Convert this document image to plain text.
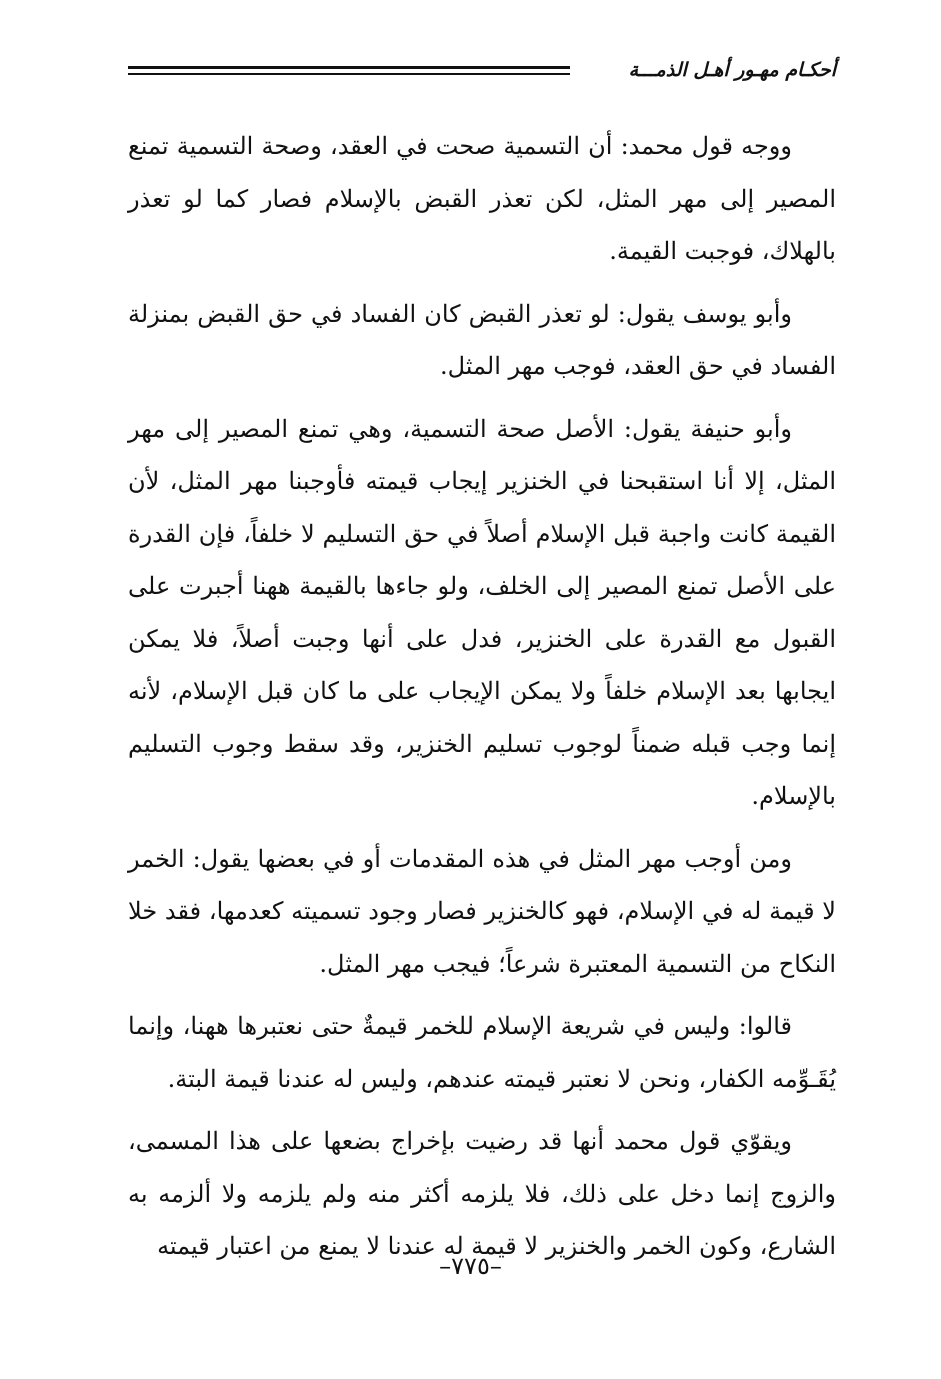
أحكـام مهـور أهـل الذمـــة

ووجه قول محمد: أن التسمية صحت في العقد، وصحة التسمية تمنع المصير إلى مهر المثل، لكن تعذر القبض بالإسلام فصار كما لو تعذر بالهلاك، فوجبت القيمة.

وأبو يوسف يقول: لو تعذر القبض كان الفساد في حق القبض بمنزلة الفساد في حق العقد، فوجب مهر المثل.

وأبو حنيفة يقول: الأصل صحة التسمية، وهي تمنع المصير إلى مهر المثل، إلا أنا استقبحنا في الخنزير إيجاب قيمته فأوجبنا مهر المثل، لأن القيمة كانت واجبة قبل الإسلام أصلاً في حق التسليم لا خلفاً، فإن القدرة على الأصل تمنع المصير إلى الخلف، ولو جاءها بالقيمة ههنا أجبرت على القبول مع القدرة على الخنزير، فدل على أنها وجبت أصلاً، فلا يمكن ايجابها بعد الإسلام خلفاً ولا يمكن الإيجاب على ما كان قبل الإسلام، لأنه إنما وجب قبله ضمناً لوجوب تسليم الخنزير، وقد سقط وجوب التسليم بالإسلام.

ومن أوجب مهر المثل في هذه المقدمات أو في بعضها يقول: الخمر لا قيمة له في الإسلام، فهو كالخنزير فصار وجود تسميته كعدمها، فقد خلا النكاح من التسمية المعتبرة شرعاً؛ فيجب مهر المثل.

قالوا: وليس في شريعة الإسلام للخمر قيمةٌ حتى نعتبرها ههنا، وإنما يُقَـوِّمه الكفار، ونحن لا نعتبر قيمته عندهم، وليس له عندنا قيمة البتة.

ويقوّي قول محمد أنها قد رضيت بإخراج بضعها على هذا المسمى، والزوج إنما دخل على ذلك، فلا يلزمه أكثر منه ولم يلزمه ولا ألزمه به الشارع، وكون الخمر والخنزير لا قيمة له عندنا لا يمنع من اعتبار قيمته

–٧٧٥–
